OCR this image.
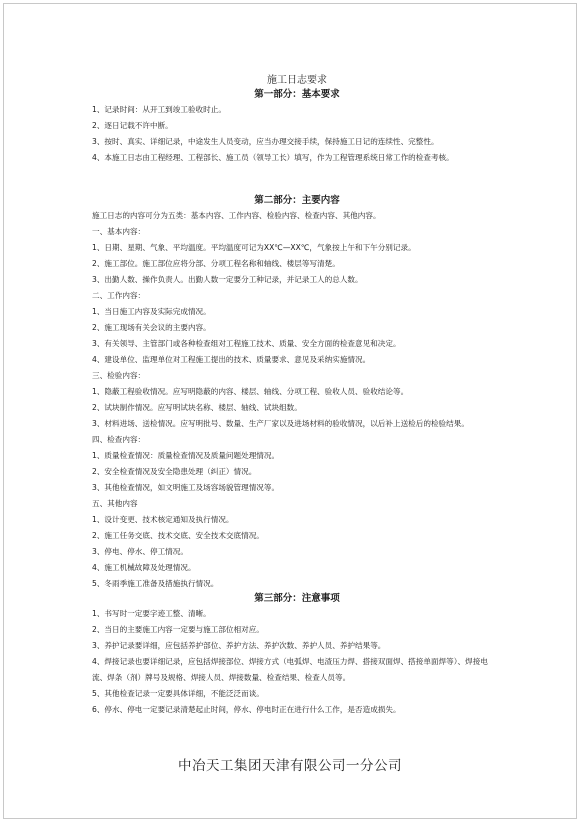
施工日志要求

第一部分：基本要求

1、记录时间：从开工到竣工验收时止。

2、逐日记载不许中断。

3、按时、真实、详细记录，中途发生人员变动，应当办理交接手续，保持施工日记的连续性、完整性。

4、本施工日志由工程经理、工程部长、施工员（领导工长）填写，作为工程管理系统日常工作的检查考核。

第二部分：主要内容

施工日志的内容可分为五类：基本内容、工作内容、检验内容、检查内容、其他内容。

一、基本内容：

1、日期、星期、气象、平均温度。平均温度可记为XX℃—XX℃，气象按上午和下午分别记录。

2、施工部位。施工部位应将分部、分项工程名称和轴线、楼层等写清楚。

3、出勤人数、操作负责人。出勤人数一定要分工种记录，并记录工人的总人数。

二、工作内容：

1、当日施工内容及实际完成情况。

2、施工现场有关会议的主要内容。

3、有关领导、主管部门或各种检查组对工程施工技术、质量、安全方面的检查意见和决定。

4、建设单位、监理单位对工程施工提出的技术、质量要求、意见及采纳实施情况。

三、检验内容：

1、隐蔽工程验收情况。应写明隐蔽的内容、楼层、轴线、分项工程、验收人员、验收结论等。

2、试块制作情况。应写明试块名称、楼层、轴线、试块组数。

3、材料进场、送检情况。应写明批号、数量、生产厂家以及进场材料的验收情况，以后补上送检后的检验结果。

四、检查内容：

1、质量检查情况：质量检查情况及质量问题处理情况。

2、安全检查情况及安全隐患处理（纠正）情况。

3、其他检查情况，如文明施工及场容场貌管理情况等。

五、其他内容

1、设计变更、技术核定通知及执行情况。

2、施工任务交底、技术交底、安全技术交底情况。

3、停电、停水、停工情况。

4、施工机械故障及处理情况。

5、冬雨季施工准备及措施执行情况。

第三部分：注意事项

1、书写时一定要字迹工整、清晰。

2、当日的主要施工内容一定要与施工部位相对应。

3、养护记录要详细，应包括养护部位、养护方法、养护次数、养护人员、养护结果等。

4、焊接记录也要详细记录，应包括焊接部位、焊接方式（电弧焊、电渣压力焊、搭接双面焊、搭接单面焊等）、焊接电流、焊条（剂）牌号及规格、焊接人员、焊接数量、检查结果、检查人员等。

5、其他检查记录一定要具体详细，不能泛泛而谈。

6、停水、停电一定要记录清楚起止时间，停水、停电时正在进行什么工作，是否造成损失。

中冶天工集团天津有限公司一分公司
